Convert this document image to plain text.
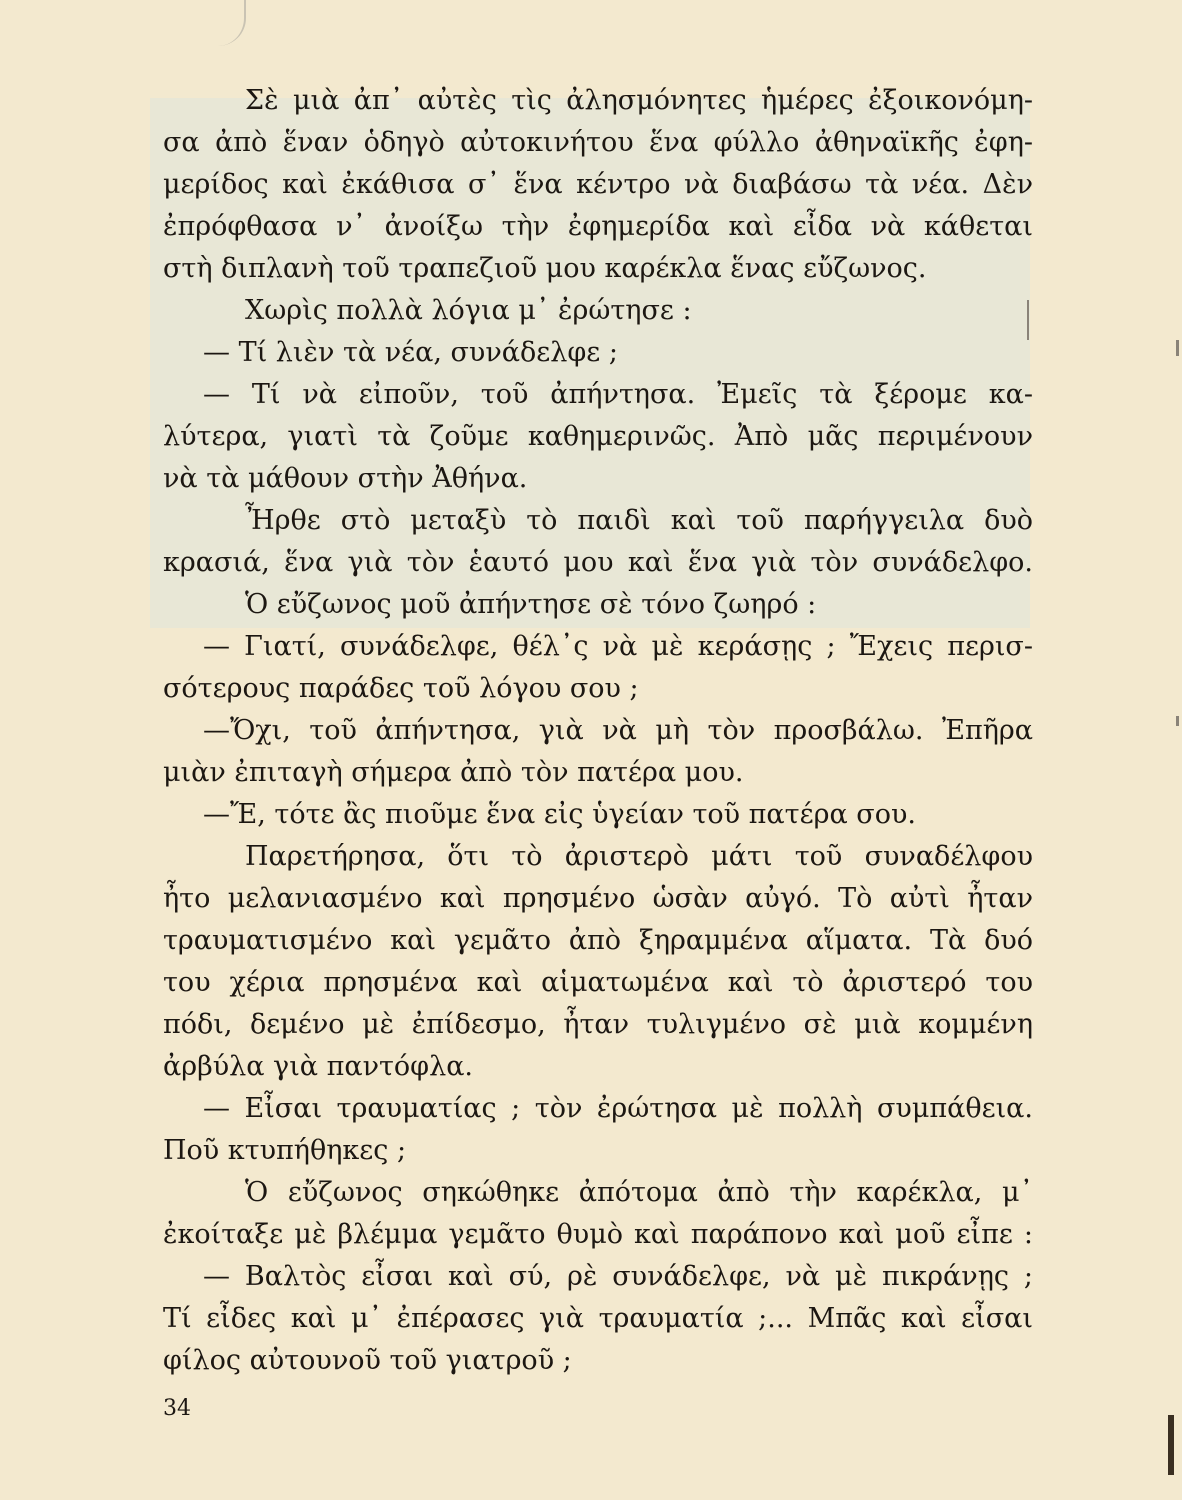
Σὲ μιὰ ἀπ᾽ αὐτὲς τὶς ἀλησμόνητες ἡμέρες ἐξοικονόμη-
σα ἀπὸ ἕναν ὁδηγὸ αὐτοκινήτου ἕνα φύλλο ἀθηναϊκῆς ἐφη-
μερίδος καὶ ἐκάθισα σ᾽ ἕνα κέντρο νὰ διαβάσω τὰ νέα. Δὲν
ἐπρόφθασα ν᾽ ἀνοίξω τὴν ἐφημερίδα καὶ εἶδα νὰ κάθεται
στὴ διπλανὴ τοῦ τραπεζιοῦ μου καρέκλα ἕνας εὔζωνος.
Χωρὶς πολλὰ λόγια μ᾽ ἐρώτησε :
— Τί λιὲν τὰ νέα, συνάδελφε ;
— Τί νὰ εἰποῦν, τοῦ ἀπήντησα. Ἐμεῖς τὰ ξέρομε κα-
λύτερα, γιατὶ τὰ ζοῦμε καθημερινῶς. Ἀπὸ μᾶς περιμένουν
νὰ τὰ μάθουν στὴν Ἀθήνα.
Ἦρθε στὸ μεταξὺ τὸ παιδὶ καὶ τοῦ παρήγγειλα δυὸ
κρασιά, ἕνα γιὰ τὸν ἑαυτό μου καὶ ἕνα γιὰ τὸν συνάδελφο.
Ὁ εὔζωνος μοῦ ἀπήντησε σὲ τόνο ζωηρό :
— Γιατί, συνάδελφε, θέλ᾽ς νὰ μὲ κεράσῃς ; Ἔχεις περισ-
σότερους παράδες τοῦ λόγου σου ;
—Ὄχι, τοῦ ἀπήντησα, γιὰ νὰ μὴ τὸν προσβάλω. Ἐπῆρα
μιὰν ἐπιταγὴ σήμερα ἀπὸ τὸν πατέρα μου.
—Ἔ, τότε ἂς πιοῦμε ἕνα εἰς ὑγείαν τοῦ πατέρα σου.
Παρετήρησα, ὅτι τὸ ἀριστερὸ μάτι τοῦ συναδέλφου
ἦτο μελανιασμένο καὶ πρησμένο ὡσὰν αὐγό. Τὸ αὐτὶ ἦταν
τραυματισμένο καὶ γεμᾶτο ἀπὸ ξηραμμένα αἵματα. Τὰ δυό
του χέρια πρησμένα καὶ αἱματωμένα καὶ τὸ ἀριστερό του
πόδι, δεμένο μὲ ἐπίδεσμο, ἦταν τυλιγμένο σὲ μιὰ κομμένη
ἀρβύλα γιὰ παντόφλα.
— Εἶσαι τραυματίας ; τὸν ἐρώτησα μὲ πολλὴ συμπάθεια.
Ποῦ κτυπήθηκες ;
Ὁ εὔζωνος σηκώθηκε ἀπότομα ἀπὸ τὴν καρέκλα, μ᾽
ἐκοίταξε μὲ βλέμμα γεμᾶτο θυμὸ καὶ παράπονο καὶ μοῦ εἶπε :
— Βαλτὸς εἶσαι καὶ σύ, ρὲ συνάδελφε, νὰ μὲ πικράνῃς ;
Τί εἶδες καὶ μ᾽ ἐπέρασες γιὰ τραυματία ;... Μπᾶς καὶ εἶσαι
φίλος αὐτουνοῦ τοῦ γιατροῦ ;
34
